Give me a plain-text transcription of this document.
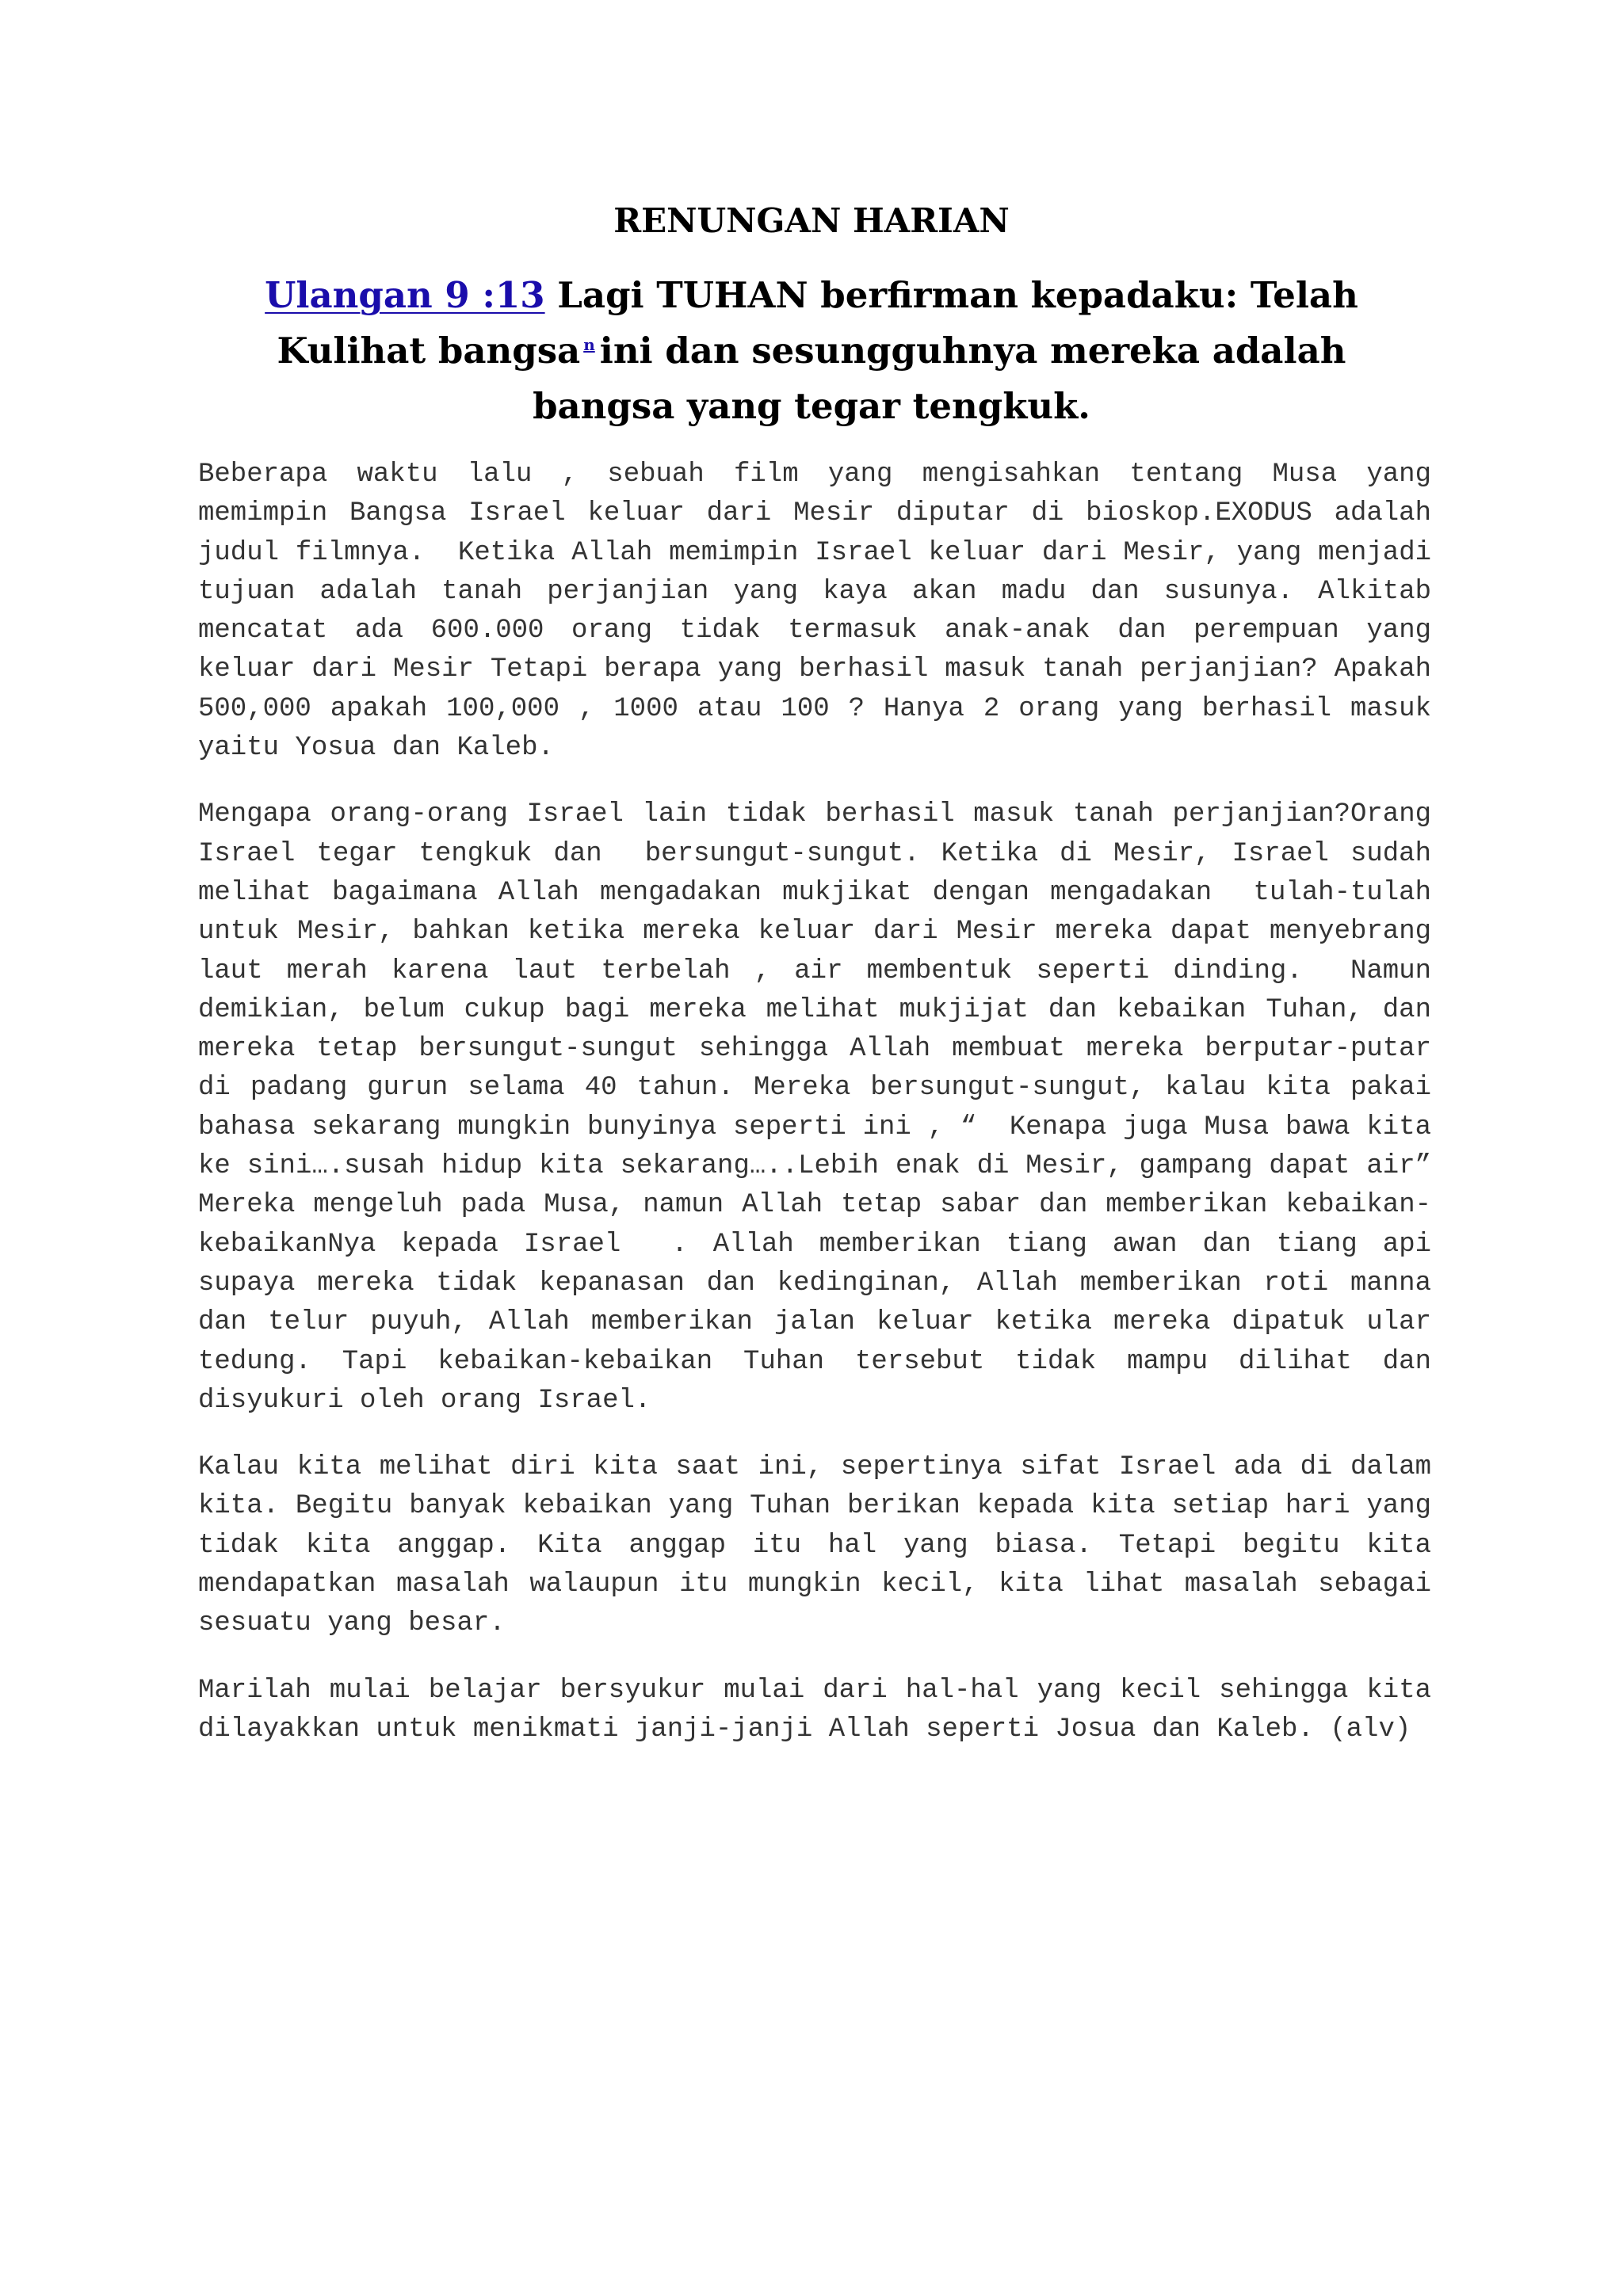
RENUNGAN HARIAN
Ulangan 9 :13 Lagi TUHAN berfirman kepadaku: Telah Kulihat bangsa $^n$ ini dan sesungguhnya mereka adalah bangsa yang tegar tengkuk.

Beberapa waktu lalu , sebuah film yang mengisahkan tentang Musa yang memimpin Bangsa Israel keluar dari Mesir diputar di bioskop.EXODUS adalah judul filmnya.  Ketika Allah memimpin Israel keluar dari Mesir, yang menjadi tujuan adalah tanah perjanjian yang kaya akan madu dan susunya. Alkitab mencatat ada 600.000 orang tidak termasuk anak-anak dan perempuan yang keluar dari Mesir Tetapi berapa yang berhasil masuk tanah perjanjian? Apakah 500,000 apakah 100,000 , 1000 atau 100 ? Hanya 2 orang yang berhasil masuk yaitu Yosua dan Kaleb.

Mengapa orang-orang Israel lain tidak berhasil masuk tanah perjanjian?Orang Israel tegar tengkuk dan  bersungut-sungut. Ketika di Mesir, Israel sudah melihat bagaimana Allah mengadakan mukjikat dengan mengadakan  tulah-tulah untuk Mesir, bahkan ketika mereka keluar dari Mesir mereka dapat menyebrang laut merah karena laut terbelah , air membentuk seperti dinding.  Namun demikian, belum cukup bagi mereka melihat mukjijat dan kebaikan Tuhan, dan mereka tetap bersungut-sungut sehingga Allah membuat mereka berputar-putar di padang gurun selama 40 tahun. Mereka bersungut-sungut, kalau kita pakai bahasa sekarang mungkin bunyinya seperti ini , “  Kenapa juga Musa bawa kita ke sini….susah hidup kita sekarang…..Lebih enak di Mesir, gampang dapat air”  Mereka mengeluh pada Musa, namun Allah tetap sabar dan memberikan kebaikan-kebaikanNya kepada Israel  . Allah memberikan tiang awan dan tiang api supaya mereka tidak kepanasan dan kedinginan, Allah memberikan roti manna dan telur puyuh, Allah memberikan jalan keluar ketika mereka dipatuk ular tedung. Tapi kebaikan-kebaikan Tuhan tersebut tidak mampu dilihat dan disyukuri oleh orang Israel.

Kalau kita melihat diri kita saat ini, sepertinya sifat Israel ada di dalam kita. Begitu banyak kebaikan yang Tuhan berikan kepada kita setiap hari yang tidak kita anggap. Kita anggap itu hal yang biasa. Tetapi begitu kita mendapatkan masalah walaupun itu mungkin kecil, kita lihat masalah sebagai sesuatu yang besar.

Marilah mulai belajar bersyukur mulai dari hal-hal yang kecil sehingga kita dilayakkan untuk menikmati janji-janji Allah seperti Josua dan Kaleb. (alv)
